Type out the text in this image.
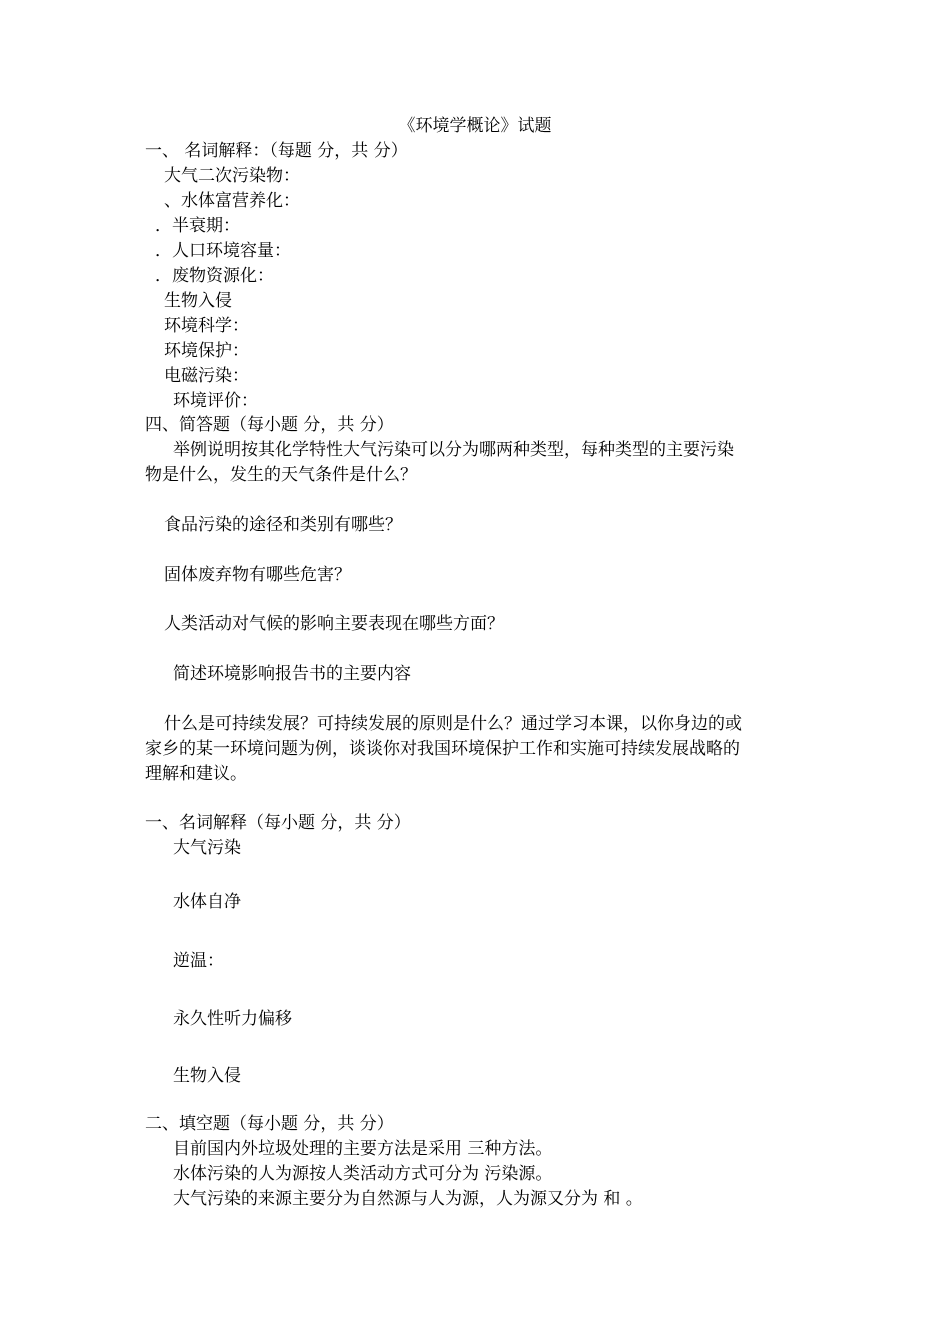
《环境学概论》试题
一、 名词解释：（每题 分，共 分）
大气二次污染物：
、水体富营养化：
．半衰期：
．人口环境容量：
．废物资源化：
生物入侵
环境科学：
环境保护：
电磁污染：
环境评价：
四、简答题（每小题 分，共 分）
举例说明按其化学特性大气污染可以分为哪两种类型，每种类型的主要污染
物是什么，发生的天气条件是什么？
食品污染的途径和类别有哪些？
固体废弃物有哪些危害？
人类活动对气候的影响主要表现在哪些方面？
简述环境影响报告书的主要内容
什么是可持续发展？可持续发展的原则是什么？通过学习本课，以你身边的或
家乡的某一环境问题为例，谈谈你对我国环境保护工作和实施可持续发展战略的
理解和建议。
一、名词解释（每小题 分，共 分）
大气污染
水体自净
逆温：
永久性听力偏移
生物入侵
二、填空题（每小题 分，共 分）
目前国内外垃圾处理的主要方法是采用 三种方法。
水体污染的人为源按人类活动方式可分为 污染源。
大气污染的来源主要分为自然源与人为源，人为源又分为 和 。
